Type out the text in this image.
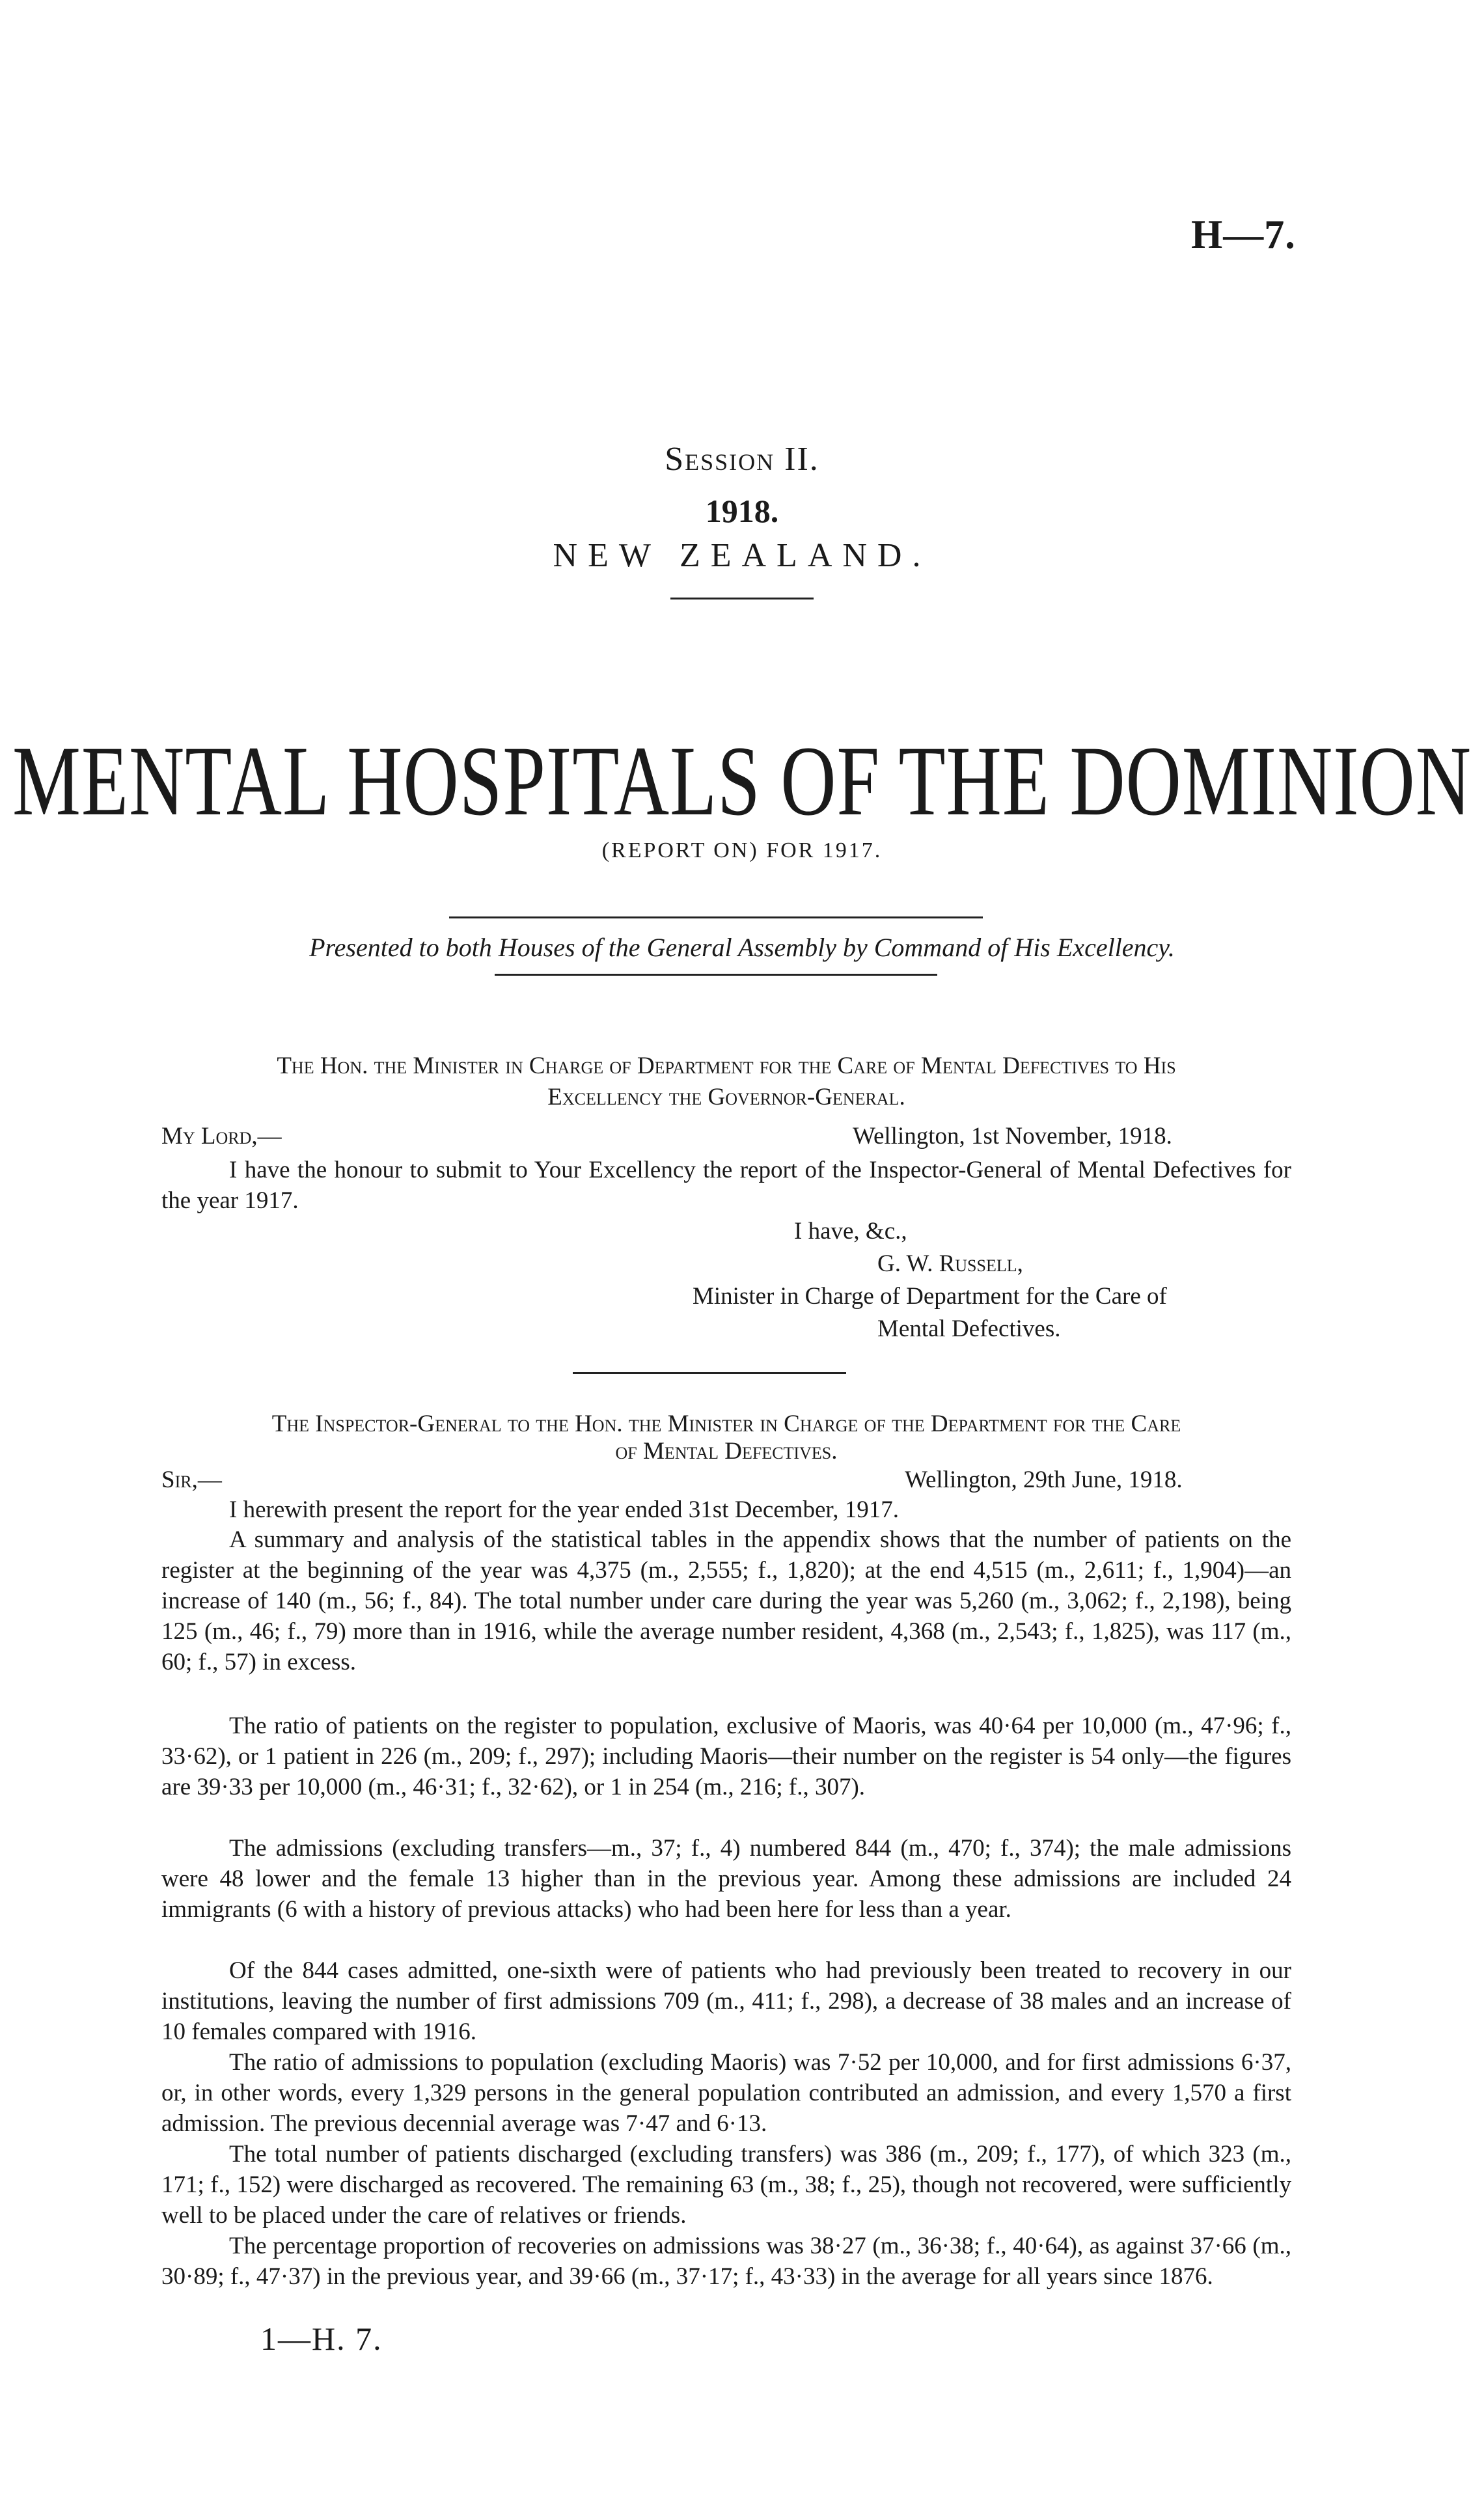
H—7.
Session II.
1918.
NEW ZEALAND.
MENTAL HOSPITALS OF THE DOMINION
(REPORT ON) FOR 1917.
Presented to both Houses of the General Assembly by Command of His Excellency.
The Hon. the Minister in Charge of Department for the Care of Mental Defectives to His
Excellency the Governor-General.
My Lord,—	Wellington, 1st November, 1918.

I have the honour to submit to Your Excellency the report of the Inspector-General of Mental Defectives for the year 1917.

I have, &c.,
G. W. Russell,
Minister in Charge of Department for the Care of
Mental Defectives.
The Inspector-General to the Hon. the Minister in Charge of the Department for the Care
of Mental Defectives.
Sir,—	Wellington, 29th June, 1918.

I herewith present the report for the year ended 31st December, 1917.

A summary and analysis of the statistical tables in the appendix shows that the number of patients on the register at the beginning of the year was 4,375 (m., 2,555; f., 1,820); at the end 4,515 (m., 2,611; f., 1,904)—an increase of 140 (m., 56; f., 84). The total number under care during the year was 5,260 (m., 3,062; f., 2,198), being 125 (m., 46; f., 79) more than in 1916, while the average number resident, 4,368 (m., 2,543; f., 1,825), was 117 (m., 60; f., 57) in excess.

The ratio of patients on the register to population, exclusive of Maoris, was 40·64 per 10,000 (m., 47·96; f., 33·62), or 1 patient in 226 (m., 209; f., 297); including Maoris—their number on the register is 54 only—the figures are 39·33 per 10,000 (m., 46·31; f., 32·62), or 1 in 254 (m., 216; f., 307).

The admissions (excluding transfers—m., 37; f., 4) numbered 844 (m., 470; f., 374); the male admissions were 48 lower and the female 13 higher than in the previous year. Among these admissions are included 24 immigrants (6 with a history of previous attacks) who had been here for less than a year.

Of the 844 cases admitted, one-sixth were of patients who had previously been treated to recovery in our institutions, leaving the number of first admissions 709 (m., 411; f., 298), a decrease of 38 males and an increase of 10 females compared with 1916.

The ratio of admissions to population (excluding Maoris) was 7·52 per 10,000, and for first admissions 6·37, or, in other words, every 1,329 persons in the general population contributed an admission, and every 1,570 a first admission. The previous decennial average was 7·47 and 6·13.

The total number of patients discharged (excluding transfers) was 386 (m., 209; f., 177), of which 323 (m., 171; f., 152) were discharged as recovered. The remaining 63 (m., 38; f., 25), though not recovered, were sufficiently well to be placed under the care of relatives or friends.

The percentage proportion of recoveries on admissions was 38·27 (m., 36·38; f., 40·64), as against 37·66 (m., 30·89; f., 47·37) in the previous year, and 39·66 (m., 37·17; f., 43·33) in the average for all years since 1876.

1—H. 7.
